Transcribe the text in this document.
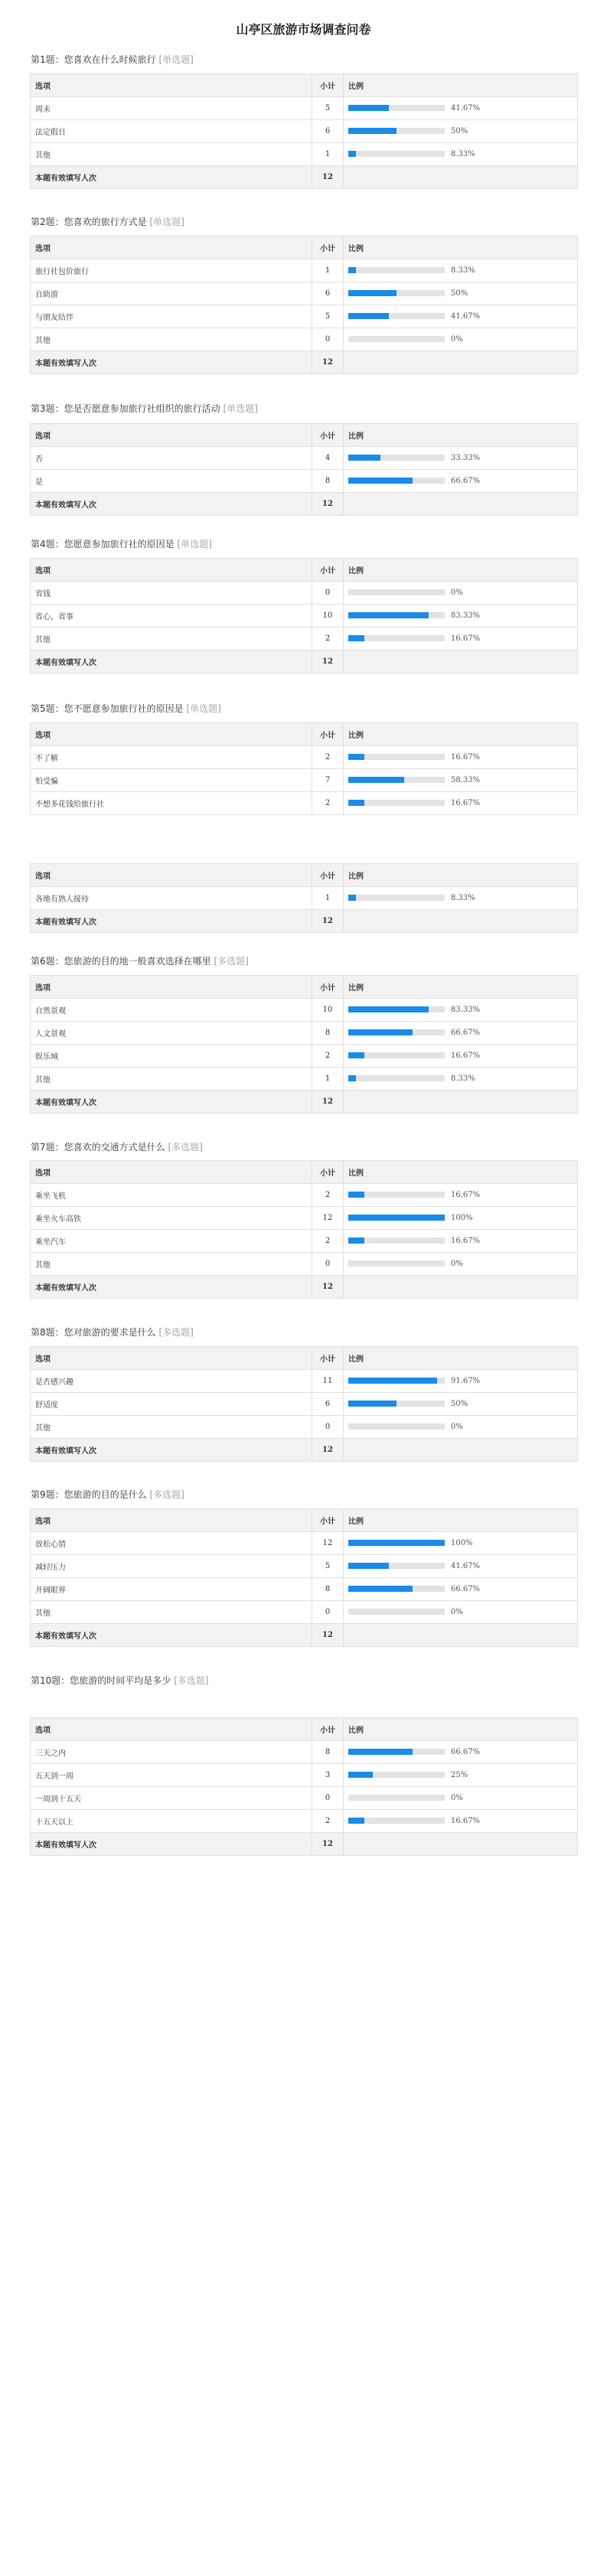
山亭区旅游市场调查问卷
第1题：您喜欢在什么时候旅行 [单选题]
选项	小计	比例
周末	5	41.67%
法定假日	6	50%
其他	1	8.33%
本题有效填写人次	12	
第2题：您喜欢的旅行方式是 [单选题]
选项	小计	比例
旅行社包价旅行	1	8.33%
自助游	6	50%
与朋友结伴	5	41.67%
其他	0	0%
本题有效填写人次	12	
第3题：您是否愿意参加旅行社组织的旅行活动 [单选题]
选项	小计	比例
否	4	33.33%
是	8	66.67%
本题有效填写人次	12	
第4题：您愿意参加旅行社的原因是 [单选题]
选项	小计	比例
省钱	0	0%
省心，省事	10	83.33%
其他	2	16.67%
本题有效填写人次	12	
第5题：您不愿意参加旅行社的原因是 [单选题]
选项	小计	比例
不了解	2	16.67%
怕受骗	7	58.33%
不想多花钱给旅行社	2	16.67%
选项	小计	比例
各地有熟人接待	1	8.33%
本题有效填写人次	12	
第6题：您旅游的目的地一般喜欢选择在哪里 [多选题]
选项	小计	比例
自然景观	10	83.33%
人文景观	8	66.67%
娱乐城	2	16.67%
其他	1	8.33%
本题有效填写人次	12	
第7题：您喜欢的交通方式是什么 [多选题]
选项	小计	比例
乘坐飞机	2	16.67%
乘坐火车高铁	12	100%
乘坐汽车	2	16.67%
其他	0	0%
本题有效填写人次	12	
第8题：您对旅游的要求是什么 [多选题]
选项	小计	比例
是否感兴趣	11	91.67%
舒适度	6	50%
其他	0	0%
本题有效填写人次	12	
第9题：您旅游的目的是什么 [多选题]
选项	小计	比例
放松心情	12	100%
减轻压力	5	41.67%
开阔眼界	8	66.67%
其他	0	0%
本题有效填写人次	12	
第10题：您旅游的时间平均是多少 [多选题]
选项	小计	比例
三天之内	8	66.67%
五天到一周	3	25%
一周到十五天	0	0%
十五天以上	2	16.67%
本题有效填写人次	12	
